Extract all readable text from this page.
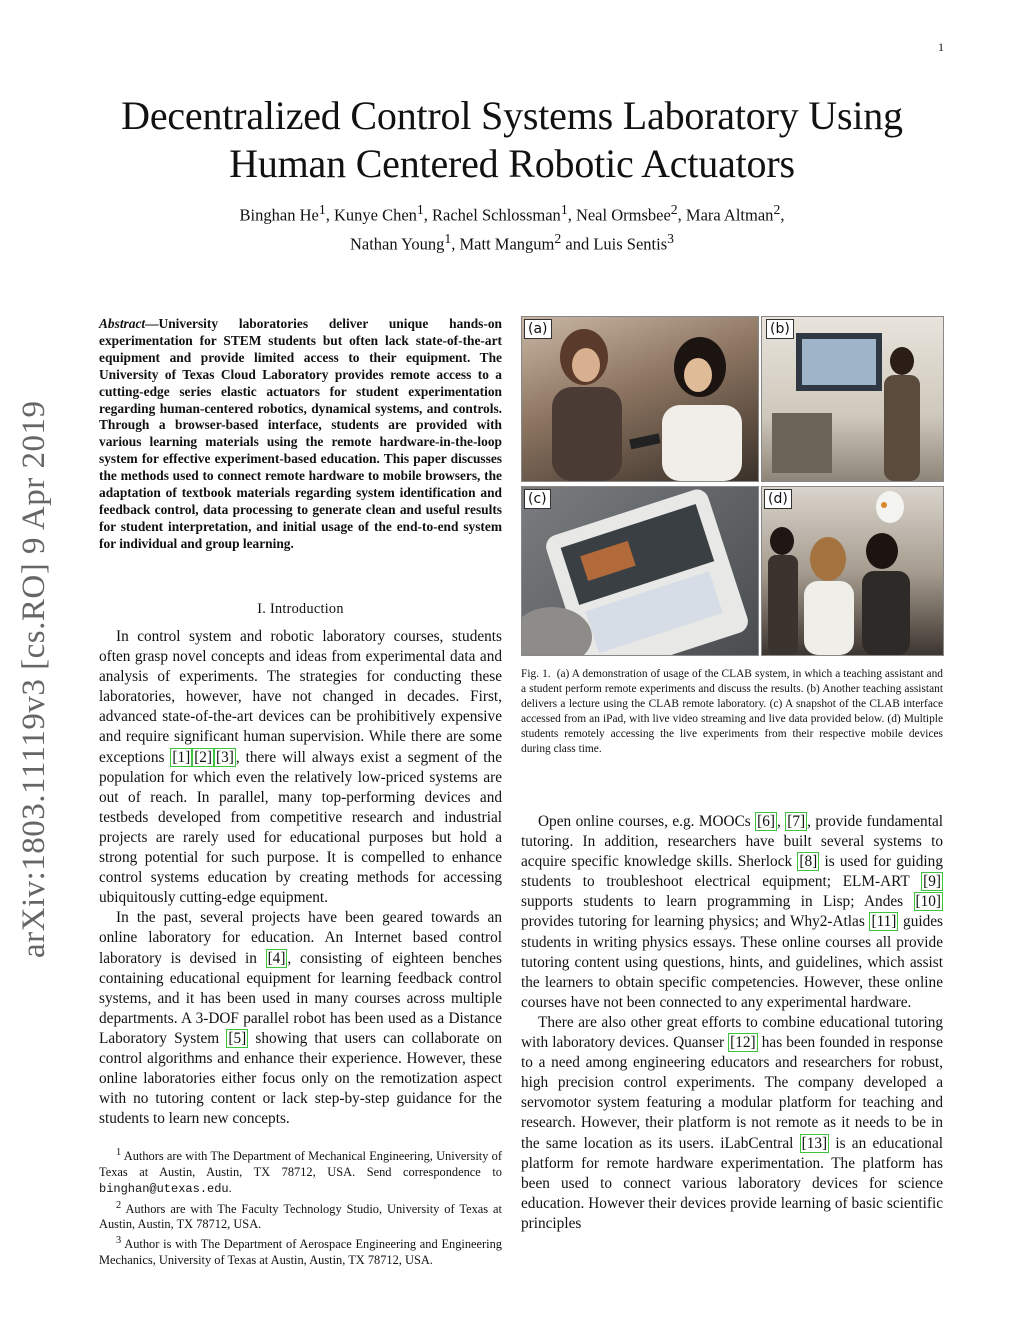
1
arXiv:1803.11119v3 [cs.RO] 9 Apr 2019
Decentralized Control Systems Laboratory Using
Human Centered Robotic Actuators
Binghan He$^1$, Kunye Chen$^1$, Rachel Schlossman$^1$, Neal Ormsbee$^2$, Mara Altman$^2$,
Nathan Young$^1$, Matt Mangum$^2$ and Luis Sentis$^3$
Abstract—University laboratories deliver unique hands-on experimentation for STEM students but often lack state-of-the-art equipment and provide limited access to their equipment. The University of Texas Cloud Laboratory provides remote access to a cutting-edge series elastic actuators for student experimentation regarding human-centered robotics, dynamical systems, and controls. Through a browser-based interface, students are provided with various learning materials using the remote hardware-in-the-loop system for effective experiment-based education. This paper discusses the methods used to connect remote hardware to mobile browsers, the adaptation of textbook materials regarding system identification and feedback control, data processing to generate clean and useful results for student interpretation, and initial usage of the end-to-end system for individual and group learning.
I. Introduction

In control system and robotic laboratory courses, students often grasp novel concepts and ideas from experimental data and analysis of experiments. The strategies for conducting these laboratories, however, have not changed in decades. First, advanced state-of-the-art devices can be prohibitively expensive and require significant human supervision. While there are some exceptions [1] [2] [3] , there will always exist a segment of the population for which even the relatively low-priced systems are out of reach. In parallel, many top-performing devices and testbeds developed from competitive research and industrial projects are rarely used for educational purposes but hold a strong potential for such purpose. It is compelled to enhance control systems education by creating methods for accessing ubiquitously cutting-edge equipment.

In the past, several projects have been geared towards an online laboratory for education. An Internet based control laboratory is devised in [4] , consisting of eighteen benches containing educational equipment for learning feedback control systems, and it has been used in many courses across multiple departments. A 3-DOF parallel robot has been used as a Distance Laboratory System [5] showing that users can collaborate on control algorithms and enhance their experience. However, these online laboratories either focus only on the remotization aspect with no tutoring content or lack step-by-step guidance for the students to learn new concepts.

$^1$ Authors are with The Department of Mechanical Engineering, University of Texas at Austin, Austin, TX 78712, USA. Send correspondence to binghan@utexas.edu.
$^2$ Authors are with The Faculty Technology Studio, University of Texas at Austin, Austin, TX 78712, USA.
$^3$ Author is with The Department of Aerospace Engineering and Engineering Mechanics, University of Texas at Austin, Austin, TX 78712, USA.
(a)	(b)
(c)	(d)
Fig. 1. (a) A demonstration of usage of the CLAB system, in which a teaching assistant and a student perform remote experiments and discuss the results. (b) Another teaching assistant delivers a lecture using the CLAB remote laboratory. (c) A snapshot of the CLAB interface accessed from an iPad, with live video streaming and live data provided below. (d) Multiple students remotely accessing the live experiments from their respective mobile devices during class time.

Open online courses, e.g. MOOCs [6] , [7] , provide fundamental tutoring. In addition, researchers have built several systems to acquire specific knowledge skills. Sherlock [8] is used for guiding students to troubleshoot electrical equipment; ELM-ART [9] supports students to learn programming in Lisp; Andes [10] provides tutoring for learning physics; and Why2-Atlas [11] guides students in writing physics essays. These online courses all provide tutoring content using questions, hints, and guidelines, which assist the learners to obtain specific competencies. However, these online courses have not been connected to any experimental hardware.

There are also other great efforts to combine educational tutoring with laboratory devices. Quanser [12] has been founded in response to a need among engineering educators and researchers for robust, high precision control experiments. The company developed a servomotor system featuring a modular platform for teaching and research. However, their platform is not remote as it needs to be in the same location as its users. iLabCentral [13] is an educational platform for remote hardware experimentation. The platform has been used to connect various laboratory devices for science education. However their devices provide learning of basic scientific principles
